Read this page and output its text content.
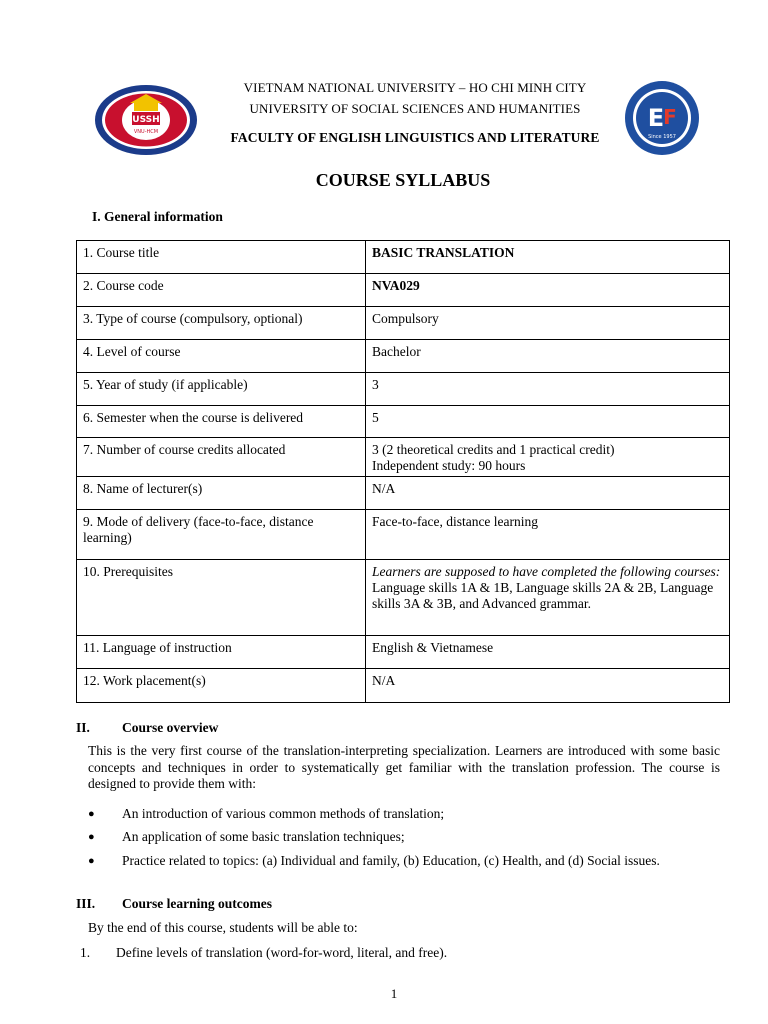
USSH
VNU-HCM	E
F
Since 1957
VIETNAM NATIONAL UNIVERSITY – HO CHI MINH CITY
UNIVERSITY OF SOCIAL SCIENCES AND HUMANITIES
FACULTY OF ENGLISH LINGUISTICS AND LITERATURE
COURSE SYLLABUS
I. General information
1. Course title	BASIC TRANSLATION
2. Course code	NVA029
3. Type of course (compulsory, optional)	Compulsory
4. Level of course	Bachelor
5. Year of study (if applicable)	3
6. Semester when the course is delivered	5
7. Number of course credits allocated	3 (2 theoretical credits and 1 practical credit)
Independent study: 90 hours

8. Name of lecturer(s)	N/A
9. Mode of delivery (face-to-face, distance learning)	Face-to-face, distance learning
10. Prerequisites	Learners are supposed to have completed the following courses: Language skills 1A & 1B, Language skills 2A & 2B, Language skills 3A & 3B, and Advanced grammar.
11. Language of instruction	English & Vietnamese
12. Work placement(s)	N/A
II. Course overview

This is the very first course of the translation-interpreting specialization. Learners are introduced with some basic concepts and techniques in order to systematically get familiar with the translation profession. The course is designed to provide them with:

● An introduction of various common methods of translation;
● An application of some basic translation techniques;
● Practice related to topics: (a) Individual and family, (b) Education, (c) Health, and (d) Social issues.
III. Course learning outcomes
By the end of this course, students will be able to:
1. Define levels of translation (word-for-word, literal, and free).
1
